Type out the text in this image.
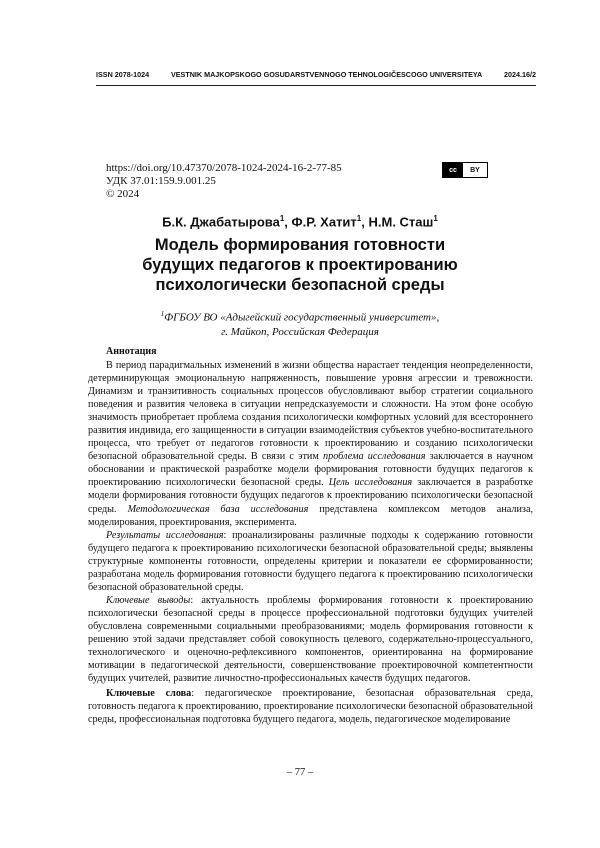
ISSN 2078-1024	VESTNIK MAJKOPSKOGO GOSUDARSTVENNOGO TEHNOLOGIČESCOGO UNIVERSITEYA	2024.16/2
https://doi.org/10.47370/2078-1024-2024-16-2-77-85
УДК 37.01:159.9.001.25
© 2024
cc	BY
Б.К. Джабатырова$^1$, Ф.Р. Хатит$^1$, Н.М. Сташ$^1$
Модель формирования готовности
будущих педагогов к проектированию
психологически безопасной среды
$^1$ФГБОУ ВО «Адыгейский государственный университет»,
г. Майкоп, Российская Федерация
Аннотация

В период парадигмальных изменений в жизни общества нарастает тенденция неопределенности, детерминирующая эмоциональную напряженность, повышение уровня агрессии и тревожности. Динамизм и транзитивность социальных процессов обусловливают выбор стратегии социального поведения и развития человека в ситуации непредсказуемости и сложности. На этом фоне особую значимость приобретает проблема создания психологически комфортных условий для всестороннего развития индивида, его защищенности в ситуации взаимодействия субъектов учебно-воспитательного процесса, что требует от педагогов готовности к проектированию и созданию психологически безопасной образовательной среды. В связи с этим проблема исследования заключается в научном обосновании и практической разработке модели формирования готовности будущих педагогов к проектированию психологически безопасной среды. Цель исследования заключается в разработке модели формирования готовности будущих педагогов к проектированию психологически безопасной среды. Методологическая база исследования представлена комплексом методов анализа, моделирования, проектирования, эксперимента.

Результаты исследования: проанализированы различные подходы к содержанию готовности будущего педагога к проектированию психологически безопасной образовательной среды; выявлены структурные компоненты готовности, определены критерии и показатели ее сформированности; разработана модель формирования готовности будущего педагога к проектированию психологически безопасной образовательной среды.

Ключевые выводы: актуальность проблемы формирования готовности к проектированию психологически безопасной среды в процессе профессиональной подготовки будущих учителей обусловлена современными социальными преобразованиями; модель формирования готовности к решению этой задачи представляет собой совокупность целевого, содержательно-процессуального, технологического и оценочно-рефлексивного компонентов, ориентированна на формирование мотивации в педагогической деятельности, совершенствование проектировочной компетентности будущих учителей, развитие личностно-профессиональных качеств будущих педагогов.

Ключевые слова: педагогическое проектирование, безопасная образовательная среда, готовность педагога к проектированию, проектирование психологически безопасной образовательной среды, профессиональная подготовка будущего педагога, модель, педагогическое моделирование

– 77 –
